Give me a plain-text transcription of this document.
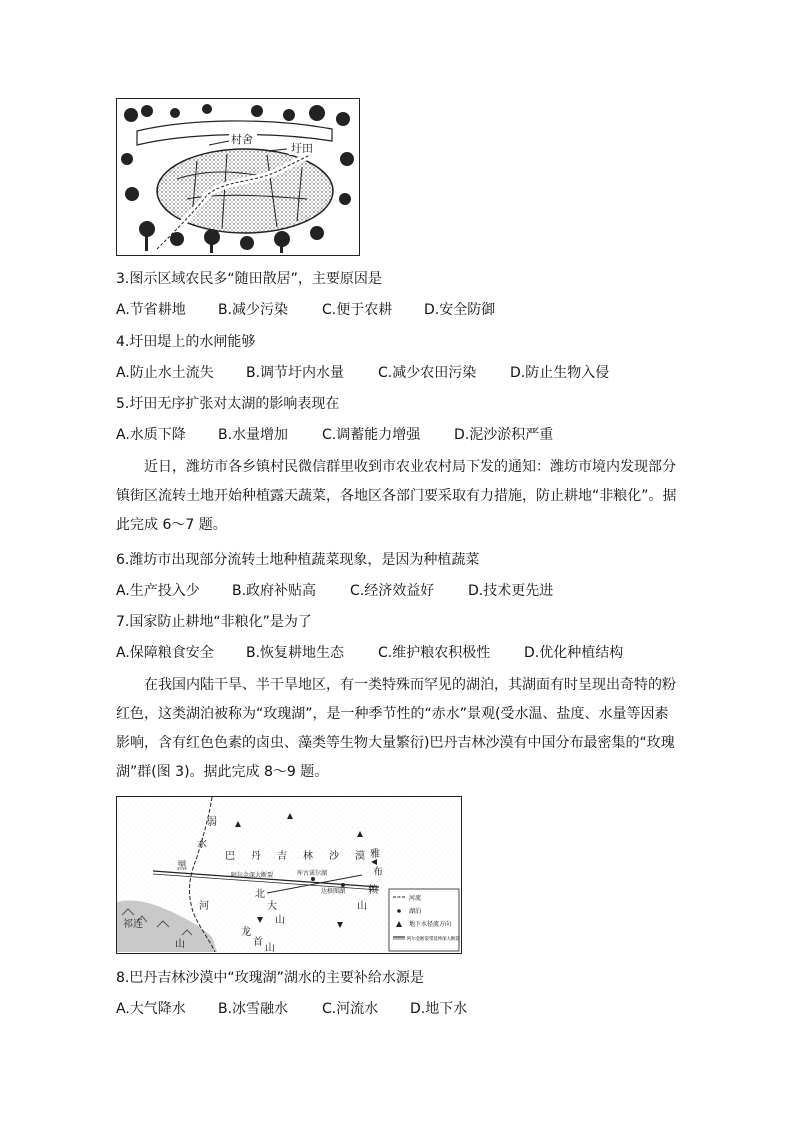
村舍
圩田
3.图示区域农民多“随田散居”，主要原因是
A.节省耕地 B.减少污染 C.便于农耕 D.安全防御
4.圩田堤上的水闸能够
A.防止水土流失 B.调节圩内水量 C.减少农田污染 D.防止生物入侵
5.圩田无序扩张对太湖的影响表现在
A.水质下降 B.水量增加 C.调蓄能力增强 D.泥沙淤积严重
近日，潍坊市各乡镇村民微信群里收到市农业农村局下发的通知：潍坊市境内发现部分镇街区流转土地开始种植露天蔬菜，各地区各部门要采取有力措施，防止耕地“非粮化”。据此完成 6～7 题。
6.潍坊市出现部分流转土地种植蔬菜现象，是因为种植蔬菜
A.生产投入少 B.政府补贴高 C.经济效益好 D.技术更先进
7.国家防止耕地“非粮化”是为了
A.保障粮食安全 B.恢复耕地生态 C.维护粮农积极性 D.优化种植结构
在我国内陆干旱、半干旱地区，有一类特殊而罕见的湖泊，其湖面有时呈现出奇特的粉红色，这类湖泊被称为“玫瑰湖”，是一种季节性的“赤水”景观(受水温、盐度、水量等因素影响，含有红色色素的卤虫、藻类等生物大量繁衍)巴丹吉林沙漠有中国分布最密集的“玫瑰湖”群(图 3)。据此完成 8～9 题。
弱
水
黑
河
巴 丹 吉 林 沙 漠
北
大
山
龙
首
山
雅
布
赖
山
祁连
山
阿尔金深大断裂	库古诺尔湖
达格图湖
河流
湖泊
地下水径流方向
阿尔金断裂带延伸深大断裂
8.巴丹吉林沙漠中“玫瑰湖”湖水的主要补给水源是
A.大气降水 B.冰雪融水 C.河流水 D.地下水
